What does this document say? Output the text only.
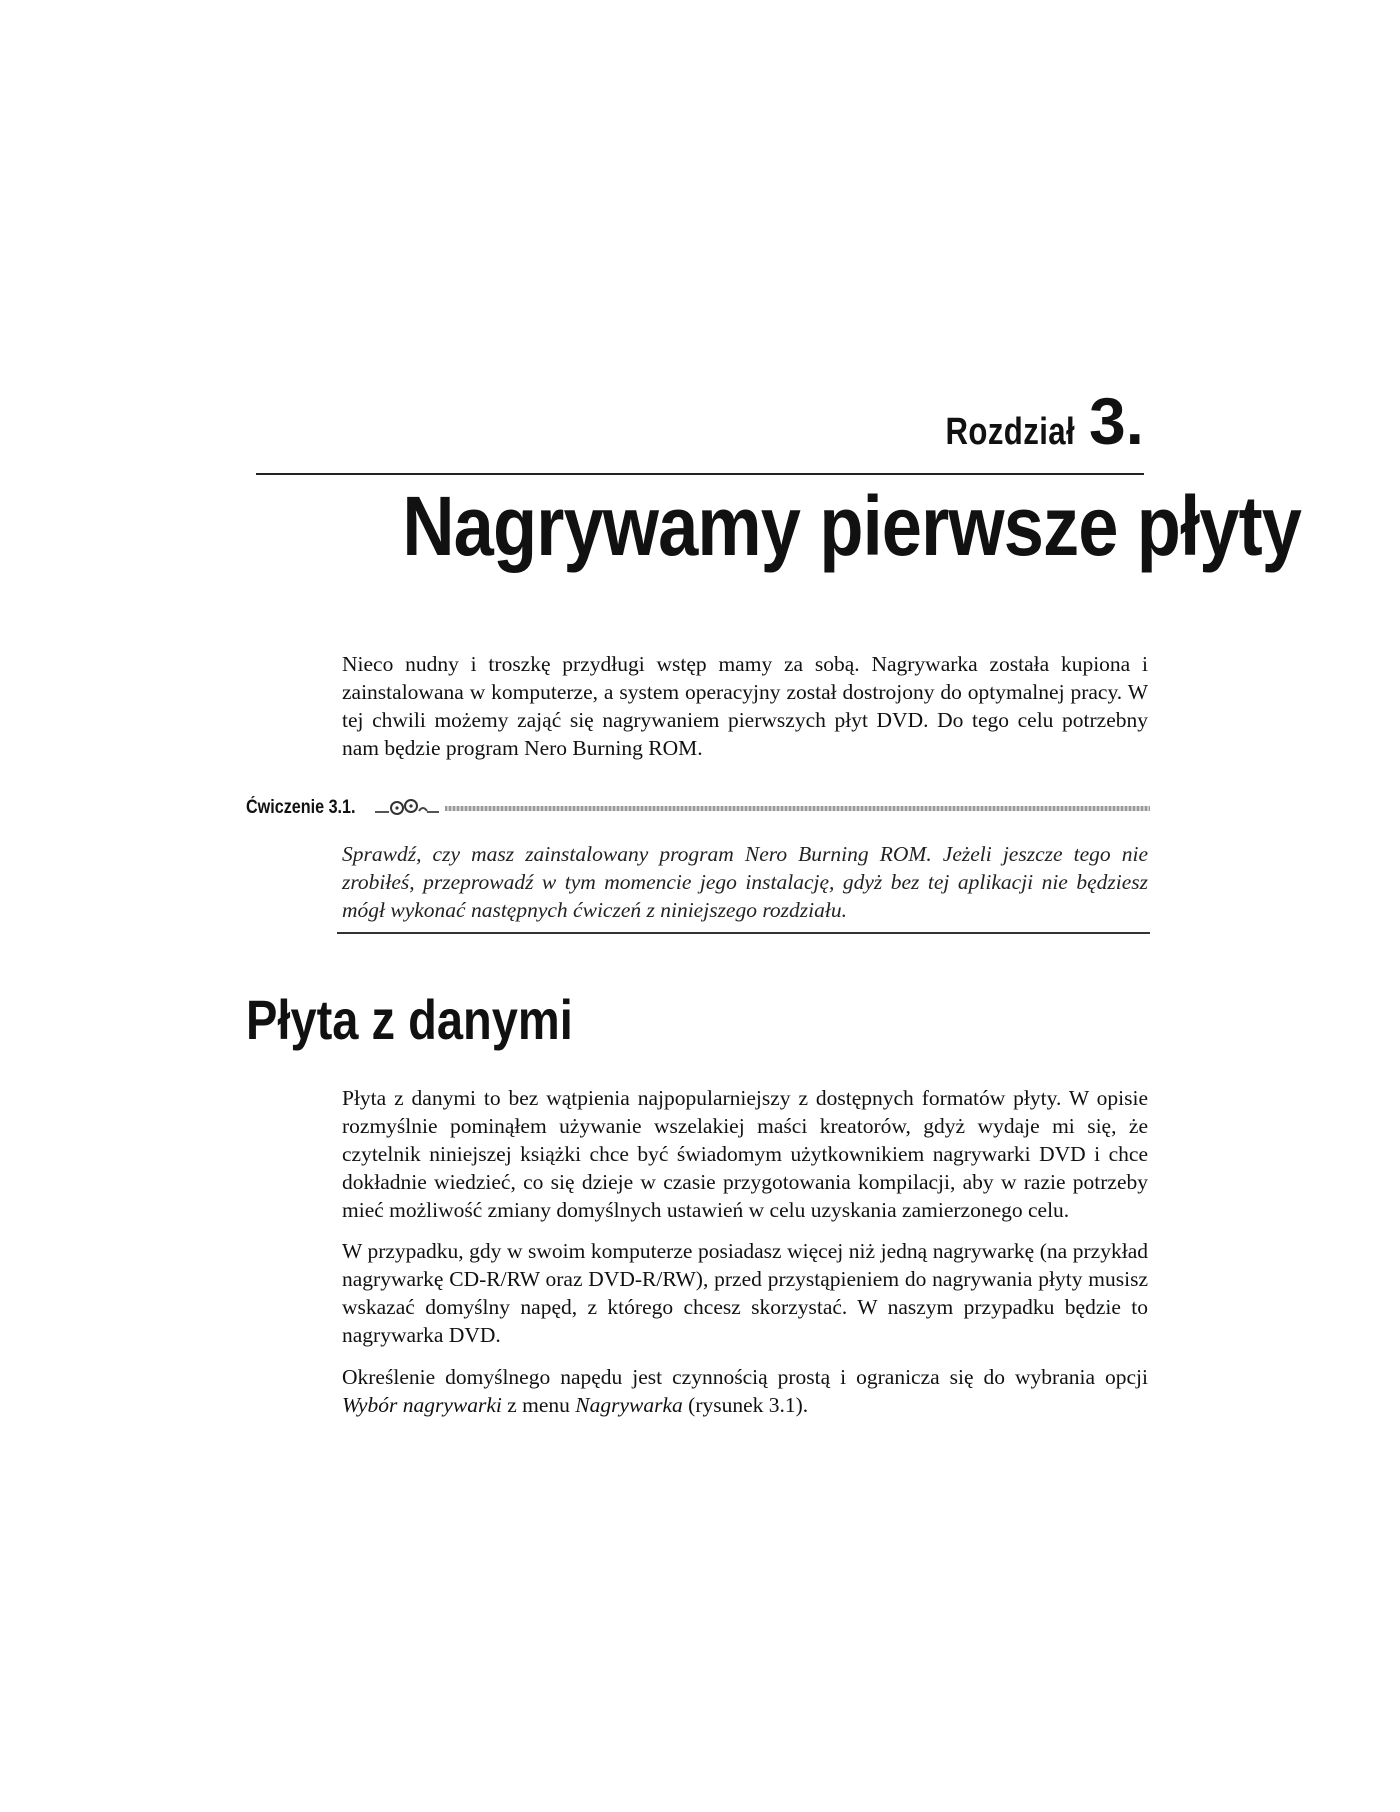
Rozdział 3.
Nagrywamy pierwsze płyty

Nieco nudny i troszkę przydługi wstęp mamy za sobą. Nagrywarka została kupiona i zainstalowana w komputerze, a system operacyjny został dostrojony do optymalnej pracy. W tej chwili możemy zająć się nagrywaniem pierwszych płyt DVD. Do tego celu potrzebny nam będzie program Nero Burning ROM.

Ćwiczenie 3.1.

Sprawdź, czy masz zainstalowany program Nero Burning ROM. Jeżeli jeszcze tego nie zrobiłeś, przeprowadź w tym momencie jego instalację, gdyż bez tej aplikacji nie będziesz mógł wykonać następnych ćwiczeń z niniejszego rozdziału.

Płyta z danymi

Płyta z danymi to bez wątpienia najpopularniejszy z dostępnych formatów płyty. W opisie rozmyślnie pominąłem używanie wszelakiej maści kreatorów, gdyż wydaje mi się, że czytelnik niniejszej książki chce być świadomym użytkownikiem nagrywarki DVD i chce dokładnie wiedzieć, co się dzieje w czasie przygotowania kompilacji, aby w razie potrzeby mieć możliwość zmiany domyślnych ustawień w celu uzyskania zamierzonego celu.

W przypadku, gdy w swoim komputerze posiadasz więcej niż jedną nagrywarkę (na przykład nagrywarkę CD-R/RW oraz DVD-R/RW), przed przystąpieniem do nagrywania płyty musisz wskazać domyślny napęd, z którego chcesz skorzystać. W naszym przypadku będzie to nagrywarka DVD.

Określenie domyślnego napędu jest czynnością prostą i ogranicza się do wybrania opcji Wybór nagrywarki z menu Nagrywarka (rysunek 3.1).
